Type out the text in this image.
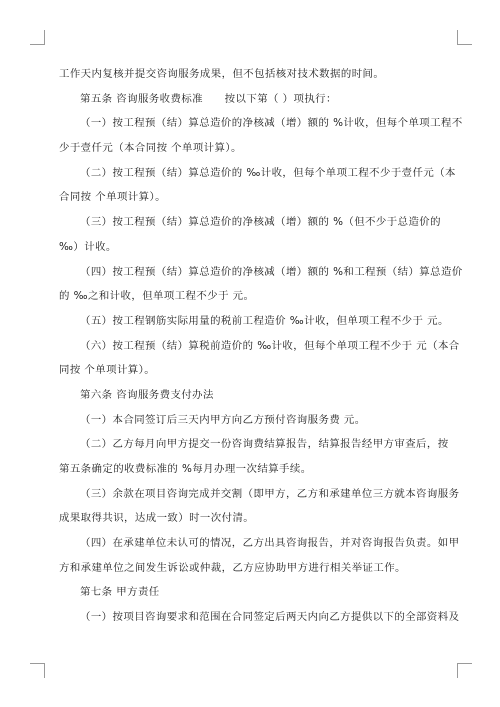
工作天内复核并提交咨询服务成果，但不包括核对技术数据的时间。
第五条 咨询服务收费标准　　按以下第（ ）项执行：
（一）按工程预（结）算总造价的净核减（增）额的 %计收，但每个单项工程不
少于壹仟元（本合同按 个单项计算）。
（二）按工程预（结）算总造价的 ‰计收，但每个单项工程不少于壹仟元（本
合同按 个单项计算）。
（三）按工程预（结）算总造价的净核减（增）额的 %（但不少于总造价的
‰）计收。
（四）按工程预（结）算总造价的净核减（增）额的 %和工程预（结）算总造价
的 ‰之和计收，但单项工程不少于 元。
（五）按工程钢筋实际用量的税前工程造价 ‰计收，但单项工程不少于 元。
（六）按工程预（结）算税前造价的 ‰计收，但每个单项工程不少于 元（本合
同按 个单项计算）。
第六条 咨询服务费支付办法
（一）本合同签订后三天内甲方向乙方预付咨询服务费 元。
（二）乙方每月向甲方提交一份咨询费结算报告，结算报告经甲方审查后，按
第五条确定的收费标准的 %每月办理一次结算手续。
（三）余款在项目咨询完成并交割（即甲方，乙方和承建单位三方就本咨询服务
成果取得共识，达成一致）时一次付清。
（四）在承建单位未认可的情况，乙方出具咨询报告，并对咨询报告负责。如甲
方和承建单位之间发生诉讼或仲裁，乙方应协助甲方进行相关举证工作。
第七条 甲方责任
（一）按项目咨询要求和范围在合同签定后两天内向乙方提供以下的全部资料及
